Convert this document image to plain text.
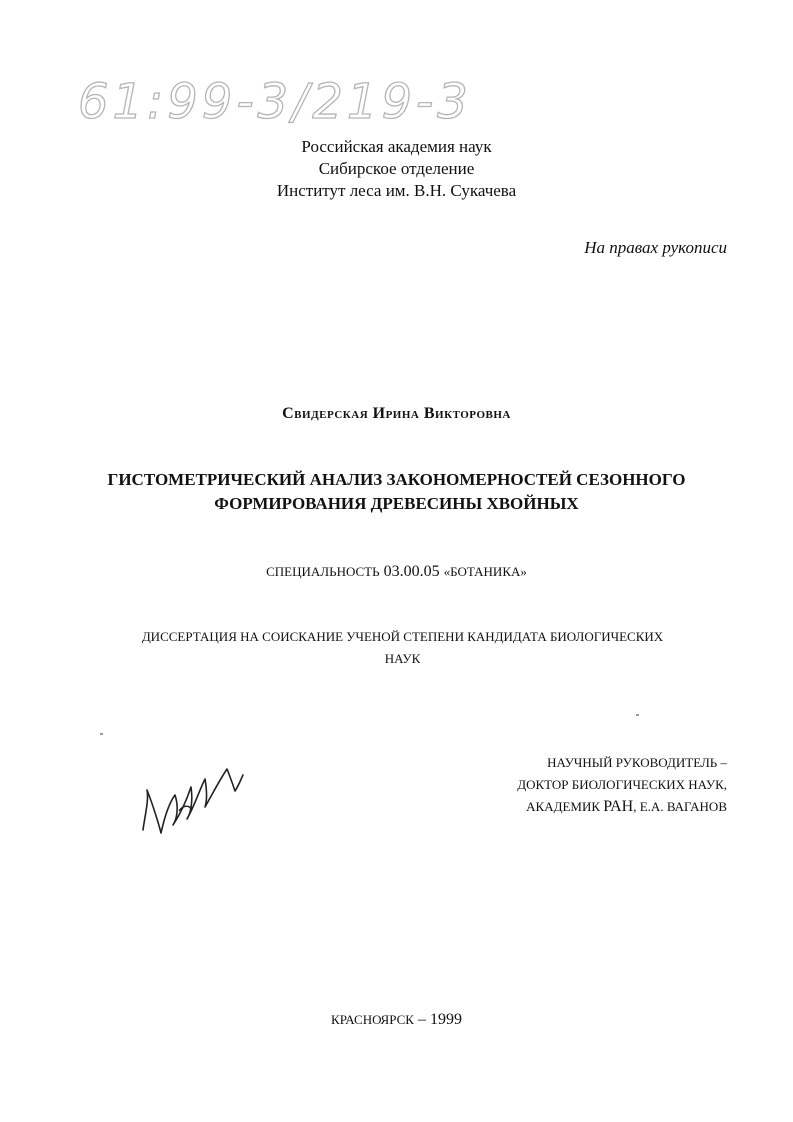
61:99-3/219-3
Российская академия наук
Сибирское отделение
Институт леса им. В.Н. Сукачева
На правах рукописи
Свидерская Ирина Викторовна
ГИСТОМЕТРИЧЕСКИЙ АНАЛИЗ ЗАКОНОМЕРНОСТЕЙ СЕЗОННОГО
ФОРМИРОВАНИЯ ДРЕВЕСИНЫ ХВОЙНЫХ
СПЕЦИАЛЬНОСТЬ 03.00.05 «БОТАНИКА»
ДИССЕРТАЦИЯ НА СОИСКАНИЕ УЧЕНОЙ СТЕПЕНИ КАНДИДАТА БИОЛОГИЧЕСКИХ
НАУК
НАУЧНЫЙ РУКОВОДИТЕЛЬ –
ДОКТОР БИОЛОГИЧЕСКИХ НАУК,
АКАДЕМИК РАН, Е.А. ВАГАНОВ
КРАСНОЯРСК – 1999
